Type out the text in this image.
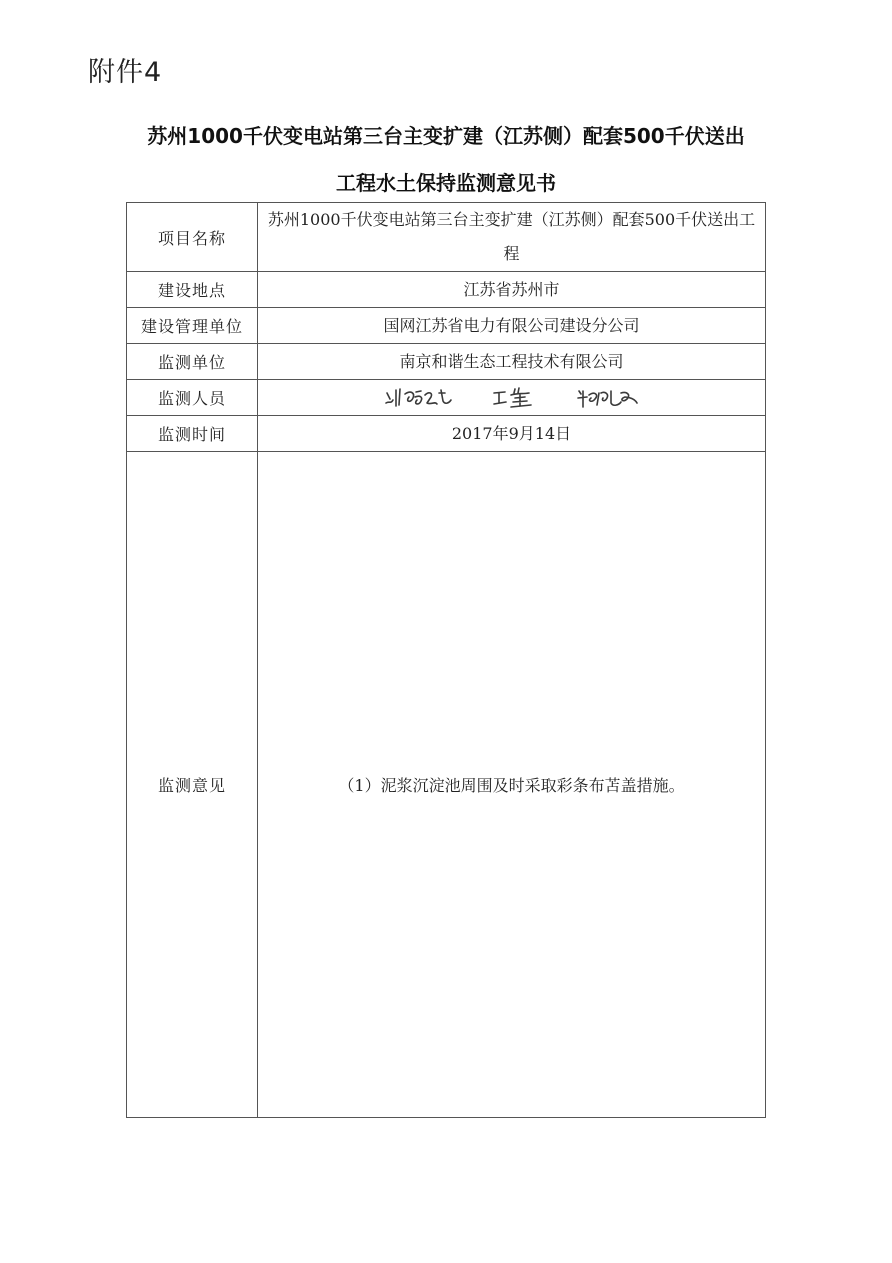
附件4
苏州1000千伏变电站第三台主变扩建（江苏侧）配套500千伏送出
工程水土保持监测意见书
项目名称	苏州1000千伏变电站第三台主变扩建（江苏侧）配套500千伏送出工程
建设地点	江苏省苏州市
建设管理单位	国网江苏省电力有限公司建设分公司
监测单位	南京和谐生态工程技术有限公司
监测人员	

监测时间	2017年9月14日
监测意见	（1）泥浆沉淀池周围及时采取彩条布苫盖措施。
